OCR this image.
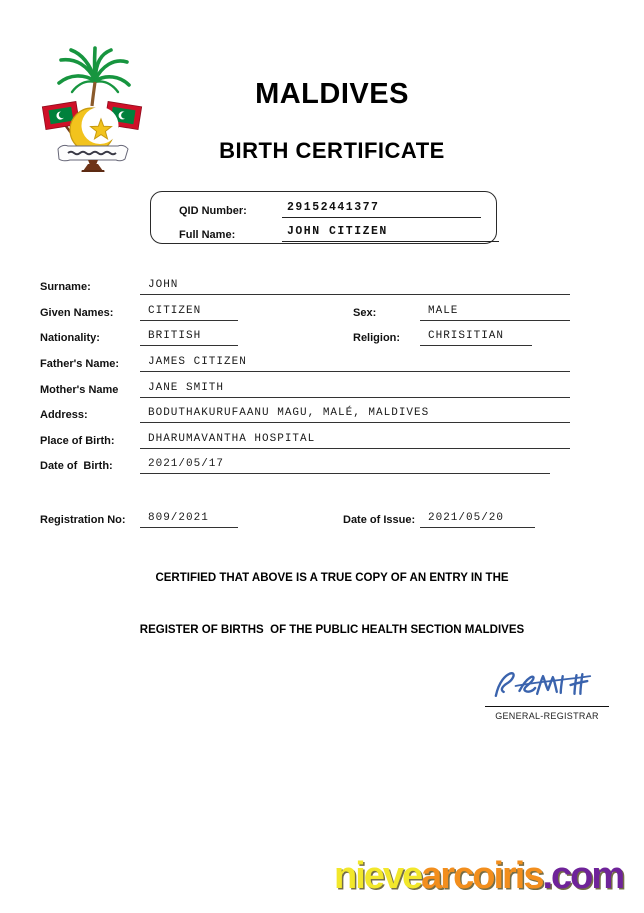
MALDIVES
BIRTH CERTIFICATE
QID Number:	29152441377
Full Name:	JOHN CITIZEN
Surname:	JOHN
Given Names:	CITIZEN	Sex:	MALE
Nationality:	BRITISH	Religion:	CHRISITIAN
Father's Name:	JAMES CITIZEN
Mother's Name	JANE SMITH
Address:	BODUTHAKURUFAANU MAGU, MALÉ, MALDIVES
Place of Birth:	DHARUMAVANTHA HOSPITAL
Date of  Birth:	2021/05/17
Registration No:	809/2021	Date of Issue:	2021/05/20
CERTIFIED THAT ABOVE IS A TRUE COPY OF AN ENTRY IN THE
REGISTER OF BIRTHS  OF THE PUBLIC HEALTH SECTION MALDIVES
GENERAL-REGISTRAR
nievearcoiris.com
